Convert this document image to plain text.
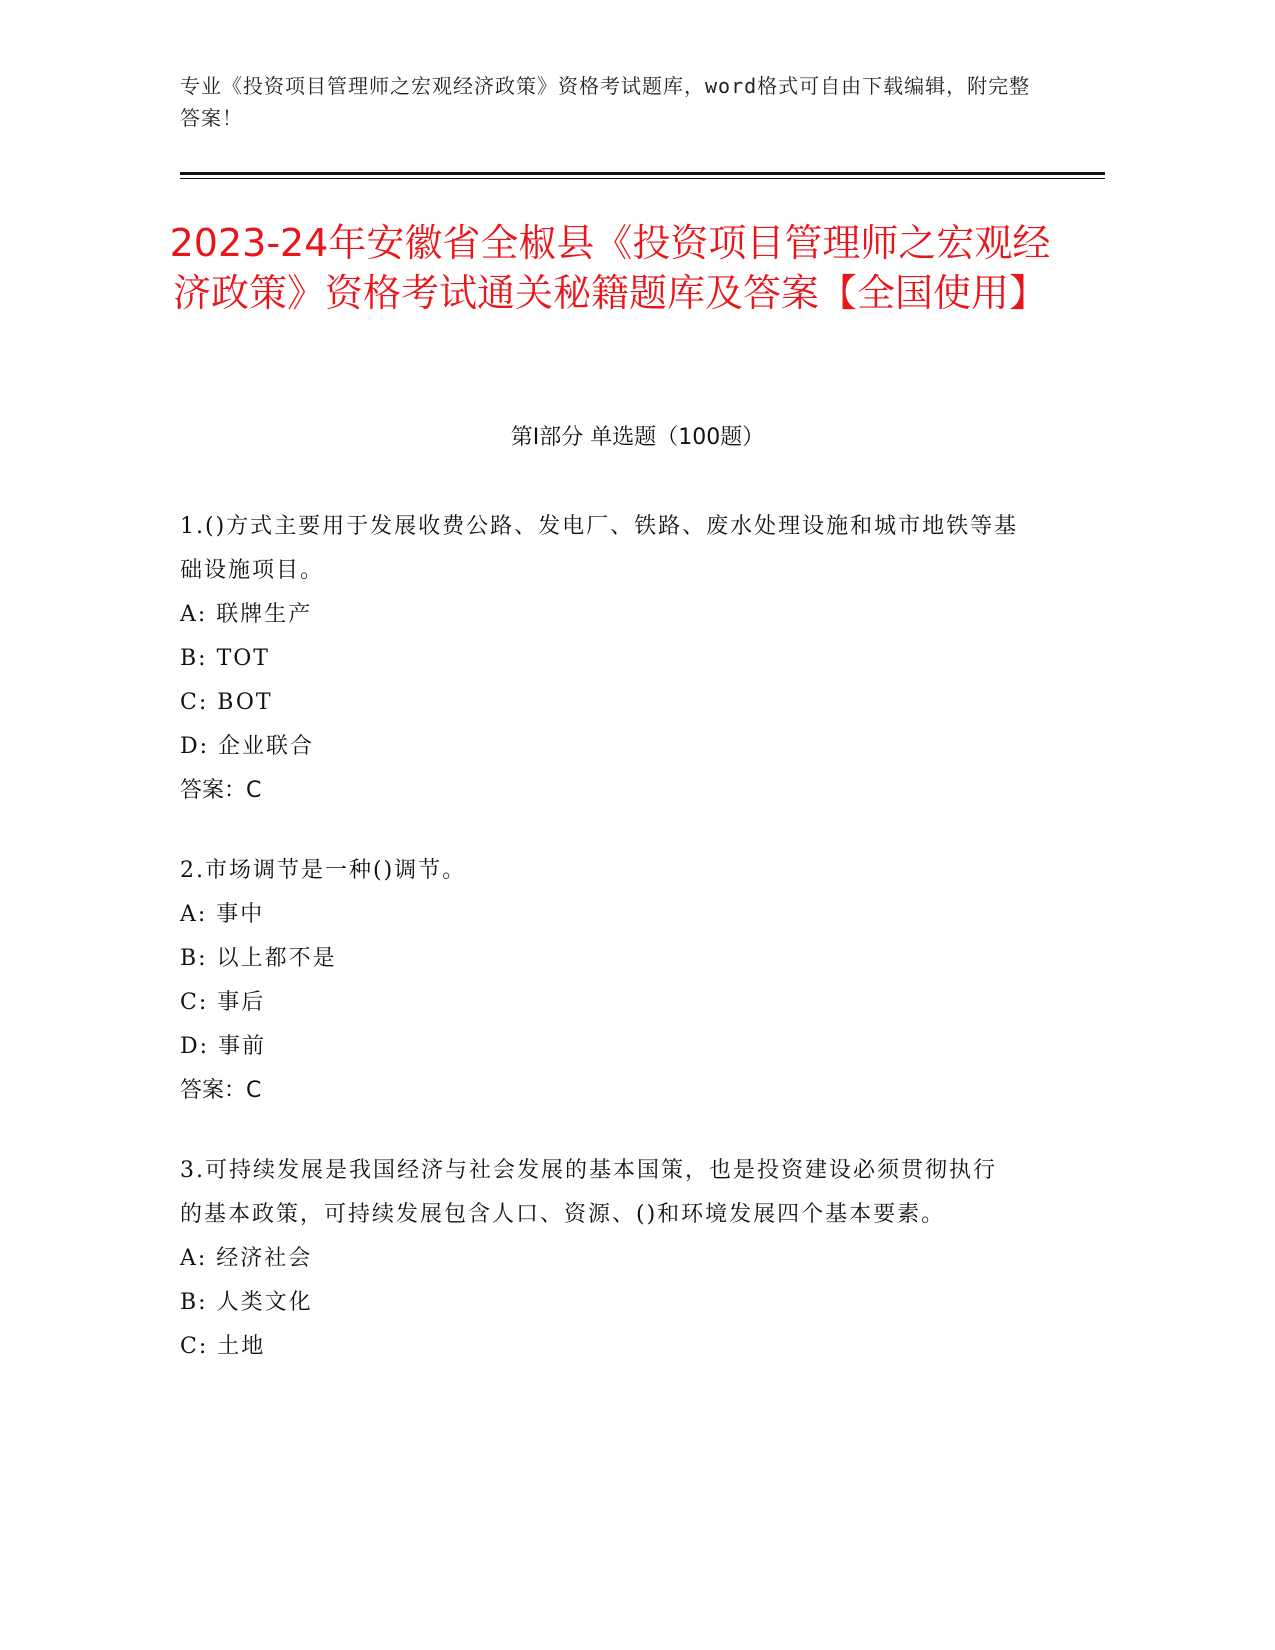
专业《投资项目管理师之宏观经济政策》资格考试题库，word格式可自由下载编辑，附完整答案！
2023-24年安徽省全椒县《投资项目管理师之宏观经济政策》资格考试通关秘籍题库及答案【全国使用】
第I部分 单选题（100题）
1.()方式主要用于发展收费公路、发电厂、铁路、废水处理设施和城市地铁等基础设施项目。
A: 联牌生产
B: TOT
C: BOT
D: 企业联合
答案：C
2.市场调节是一种()调节。
A: 事中
B: 以上都不是
C: 事后
D: 事前
答案：C
3.可持续发展是我国经济与社会发展的基本国策，也是投资建设必须贯彻执行的基本政策，可持续发展包含人口、资源、()和环境发展四个基本要素。
A: 经济社会
B: 人类文化
C: 土地
